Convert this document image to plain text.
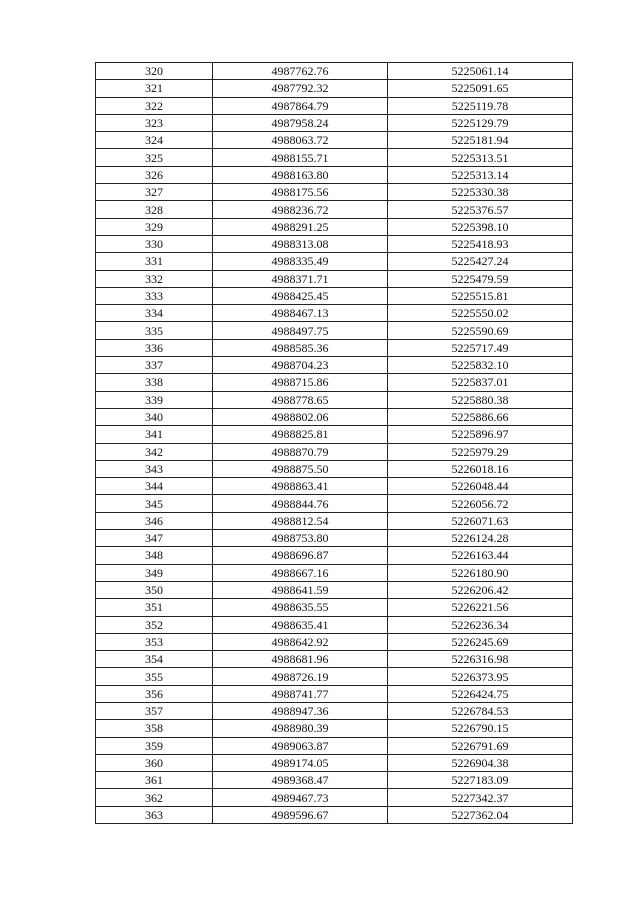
320	4987762.76	5225061.14
321	4987792.32	5225091.65
322	4987864.79	5225119.78
323	4987958.24	5225129.79
324	4988063.72	5225181.94
325	4988155.71	5225313.51
326	4988163.80	5225313.14
327	4988175.56	5225330.38
328	4988236.72	5225376.57
329	4988291.25	5225398.10
330	4988313.08	5225418.93
331	4988335.49	5225427.24
332	4988371.71	5225479.59
333	4988425.45	5225515.81
334	4988467.13	5225550.02
335	4988497.75	5225590.69
336	4988585.36	5225717.49
337	4988704.23	5225832.10
338	4988715.86	5225837.01
339	4988778.65	5225880.38
340	4988802.06	5225886.66
341	4988825.81	5225896.97
342	4988870.79	5225979.29
343	4988875.50	5226018.16
344	4988863.41	5226048.44
345	4988844.76	5226056.72
346	4988812.54	5226071.63
347	4988753.80	5226124.28
348	4988696.87	5226163.44
349	4988667.16	5226180.90
350	4988641.59	5226206.42
351	4988635.55	5226221.56
352	4988635.41	5226236.34
353	4988642.92	5226245.69
354	4988681.96	5226316.98
355	4988726.19	5226373.95
356	4988741.77	5226424.75
357	4988947.36	5226784.53
358	4988980.39	5226790.15
359	4989063.87	5226791.69
360	4989174.05	5226904.38
361	4989368.47	5227183.09
362	4989467.73	5227342.37
363	4989596.67	5227362.04
